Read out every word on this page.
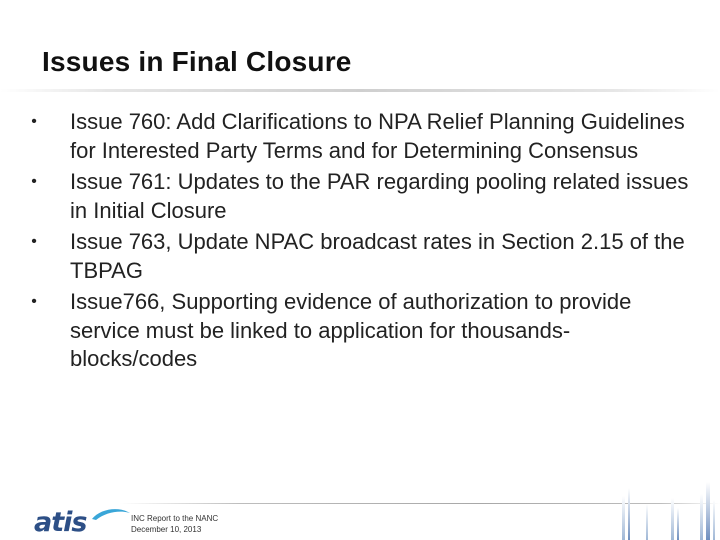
Issues in Final Closure
•	Issue 760: Add Clarifications to NPA Relief Planning Guidelines for Interested Party Terms and for Determining Consensus
•	Issue 761: Updates to the PAR regarding pooling related issues in Initial Closure
•	Issue 763, Update NPAC broadcast rates in Section 2.15 of the TBPAG
•	Issue766, Supporting evidence of authorization to provide service must be linked to application for thousands-blocks/codes
atis	INC Report to the NANC
December 10, 2013
